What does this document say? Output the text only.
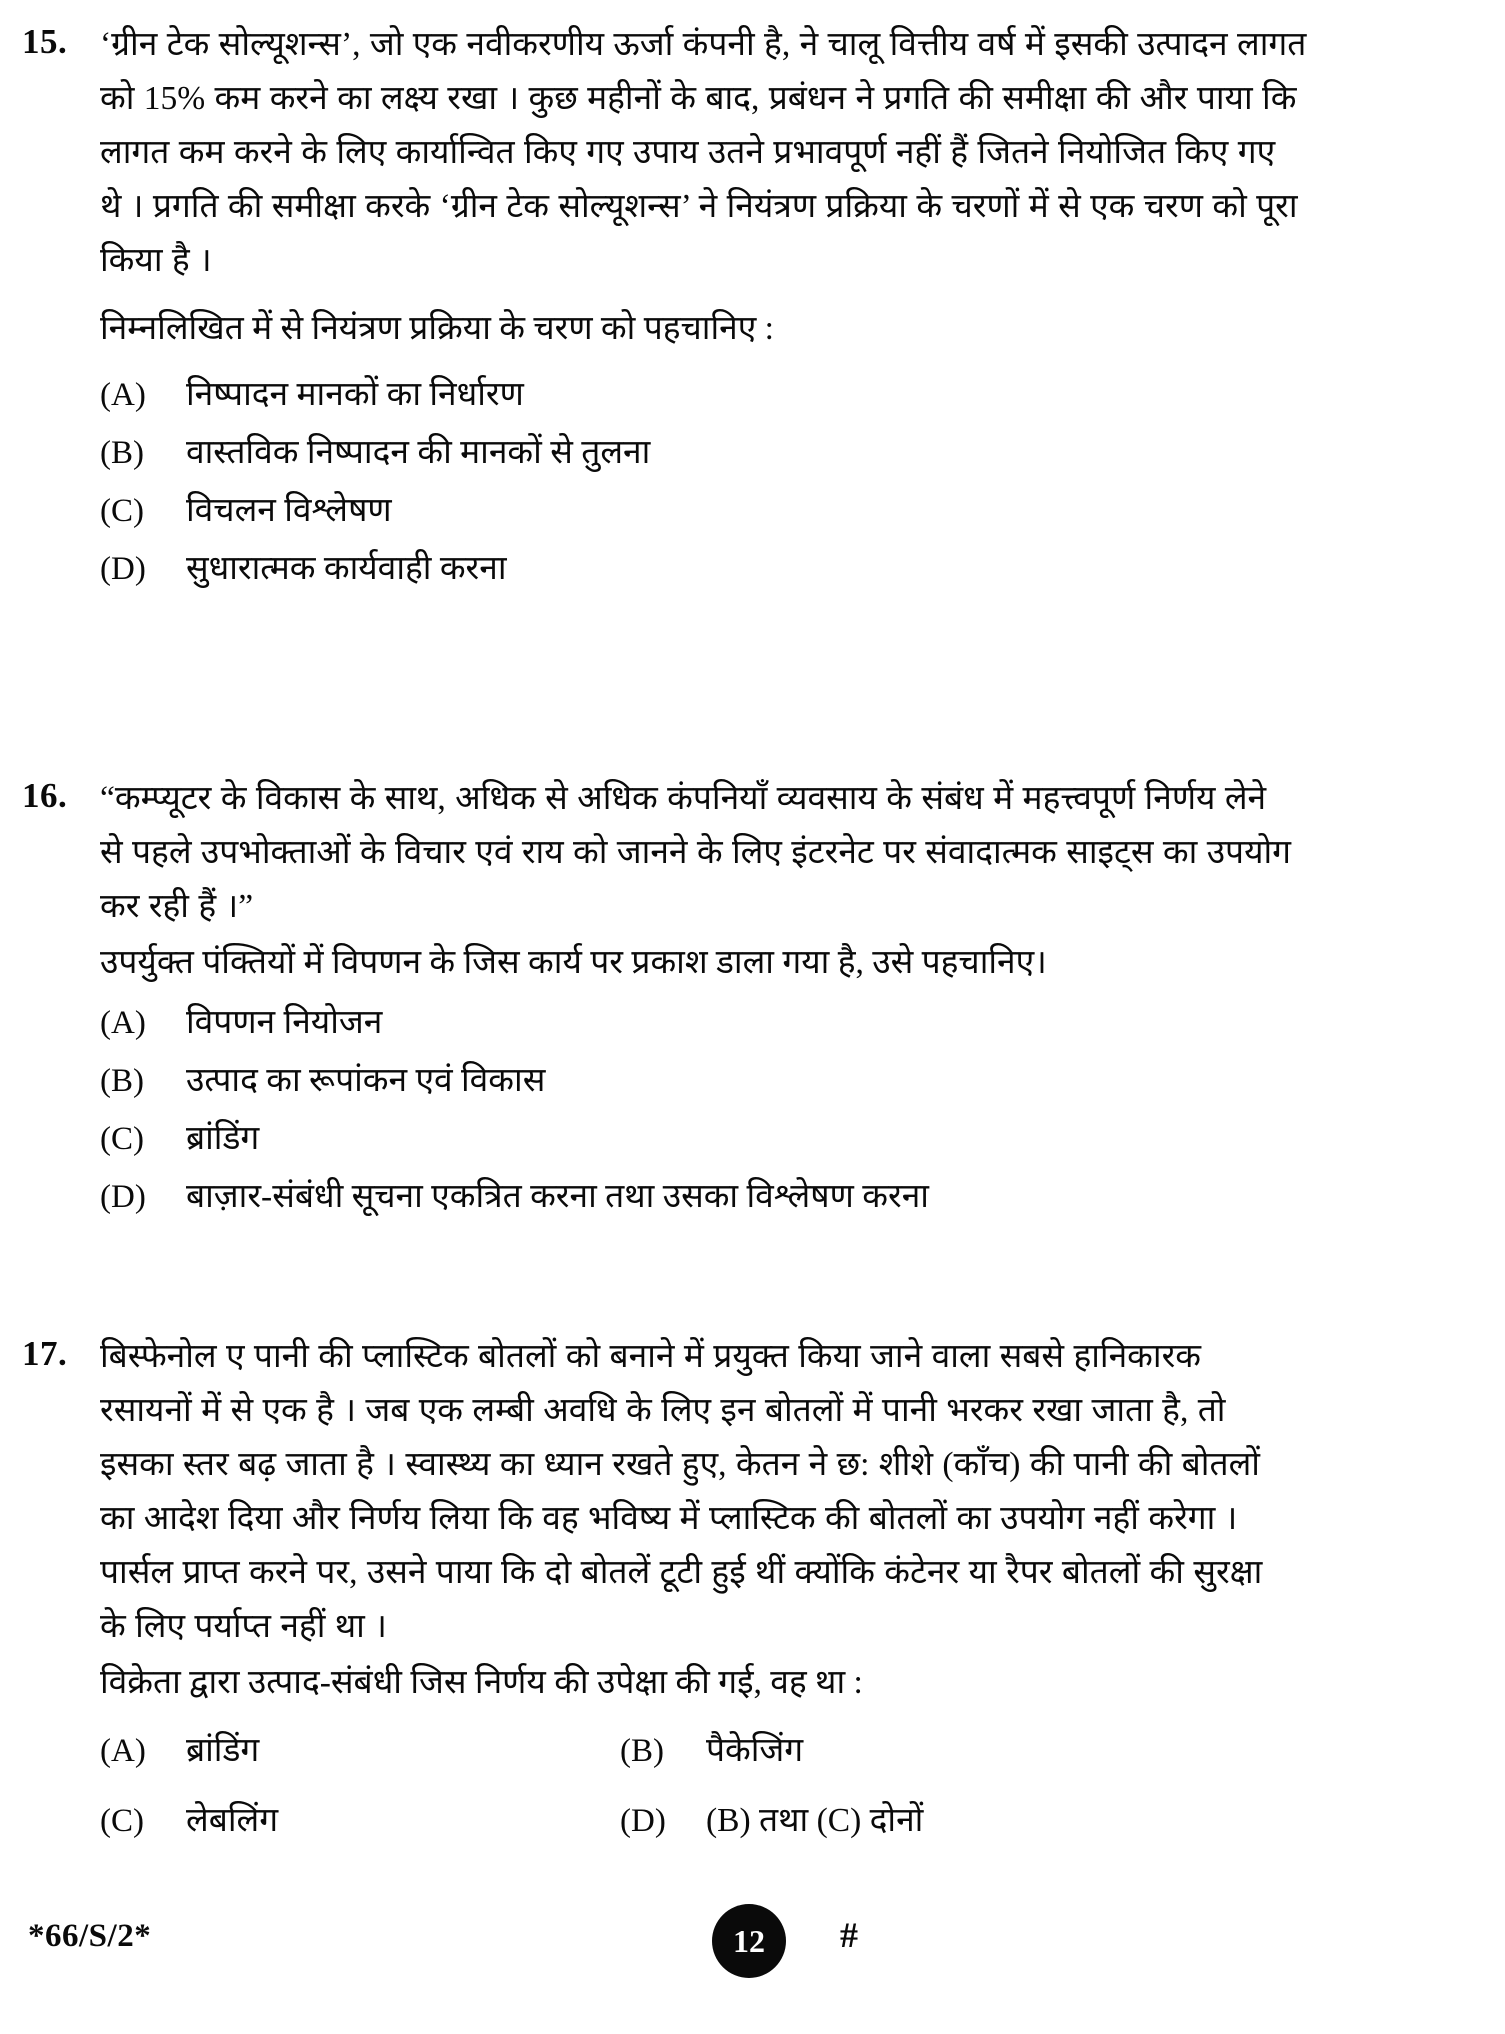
15. ‘ग्रीन टेक सोल्यूशन्स’, जो एक नवीकरणीय ऊर्जा कंपनी है, ने चालू वित्तीय वर्ष में इसकी उत्पादन लागत
को 15% कम करने का लक्ष्य रखा । कुछ महीनों के बाद, प्रबंधन ने प्रगति की समीक्षा की और पाया कि
लागत कम करने के लिए कार्यान्वित किए गए उपाय उतने प्रभावपूर्ण नहीं हैं जितने नियोजित किए गए
थे । प्रगति की समीक्षा करके ‘ग्रीन टेक सोल्यूशन्स’ ने नियंत्रण प्रक्रिया के चरणों में से एक चरण को पूरा
किया है ।
निम्नलिखित में से नियंत्रण प्रक्रिया के चरण को पहचानिए :
(A)	निष्पादन मानकों का निर्धारण
(B)	वास्तविक निष्पादन की मानकों से तुलना
(C)	विचलन विश्लेषण
(D)	सुधारात्मक कार्यवाही करना
16. “कम्प्यूटर के विकास के साथ, अधिक से अधिक कंपनियाँ व्यवसाय के संबंध में महत्त्वपूर्ण निर्णय लेने
से पहले उपभोक्ताओं के विचार एवं राय को जानने के लिए इंटरनेट पर संवादात्मक साइट्स का उपयोग
कर रही हैं ।”
उपर्युक्त पंक्तियों में विपणन के जिस कार्य पर प्रकाश डाला गया है, उसे पहचानिए।
(A)	विपणन नियोजन
(B)	उत्पाद का रूपांकन एवं विकास
(C)	ब्रांडिंग
(D)	बाज़ार-संबंधी सूचना एकत्रित करना तथा उसका विश्लेषण करना
17. बिस्फेनोल ए पानी की प्लास्टिक बोतलों को बनाने में प्रयुक्त किया जाने वाला सबसे हानिकारक
रसायनों में से एक है । जब एक लम्बी अवधि के लिए इन बोतलों में पानी भरकर रखा जाता है, तो
इसका स्तर बढ़ जाता है । स्वास्थ्य का ध्यान रखते हुए, केतन ने छ: शीशे (काँच) की पानी की बोतलों
का आदेश दिया और निर्णय लिया कि वह भविष्य में प्लास्टिक की बोतलों का उपयोग नहीं करेगा ।
पार्सल प्राप्त करने पर, उसने पाया कि दो बोतलें टूटी हुई थीं क्योंकि कंटेनर या रैपर बोतलों की सुरक्षा
के लिए पर्याप्त नहीं था ।
विक्रेता द्वारा उत्पाद-संबंधी जिस निर्णय की उपेक्षा की गई, वह था :
(A)	ब्रांडिंग	(B)	पैकेजिंग
(C)	लेबलिंग	(D)	(B) तथा (C) दोनों
*66/S/2*	12	#
